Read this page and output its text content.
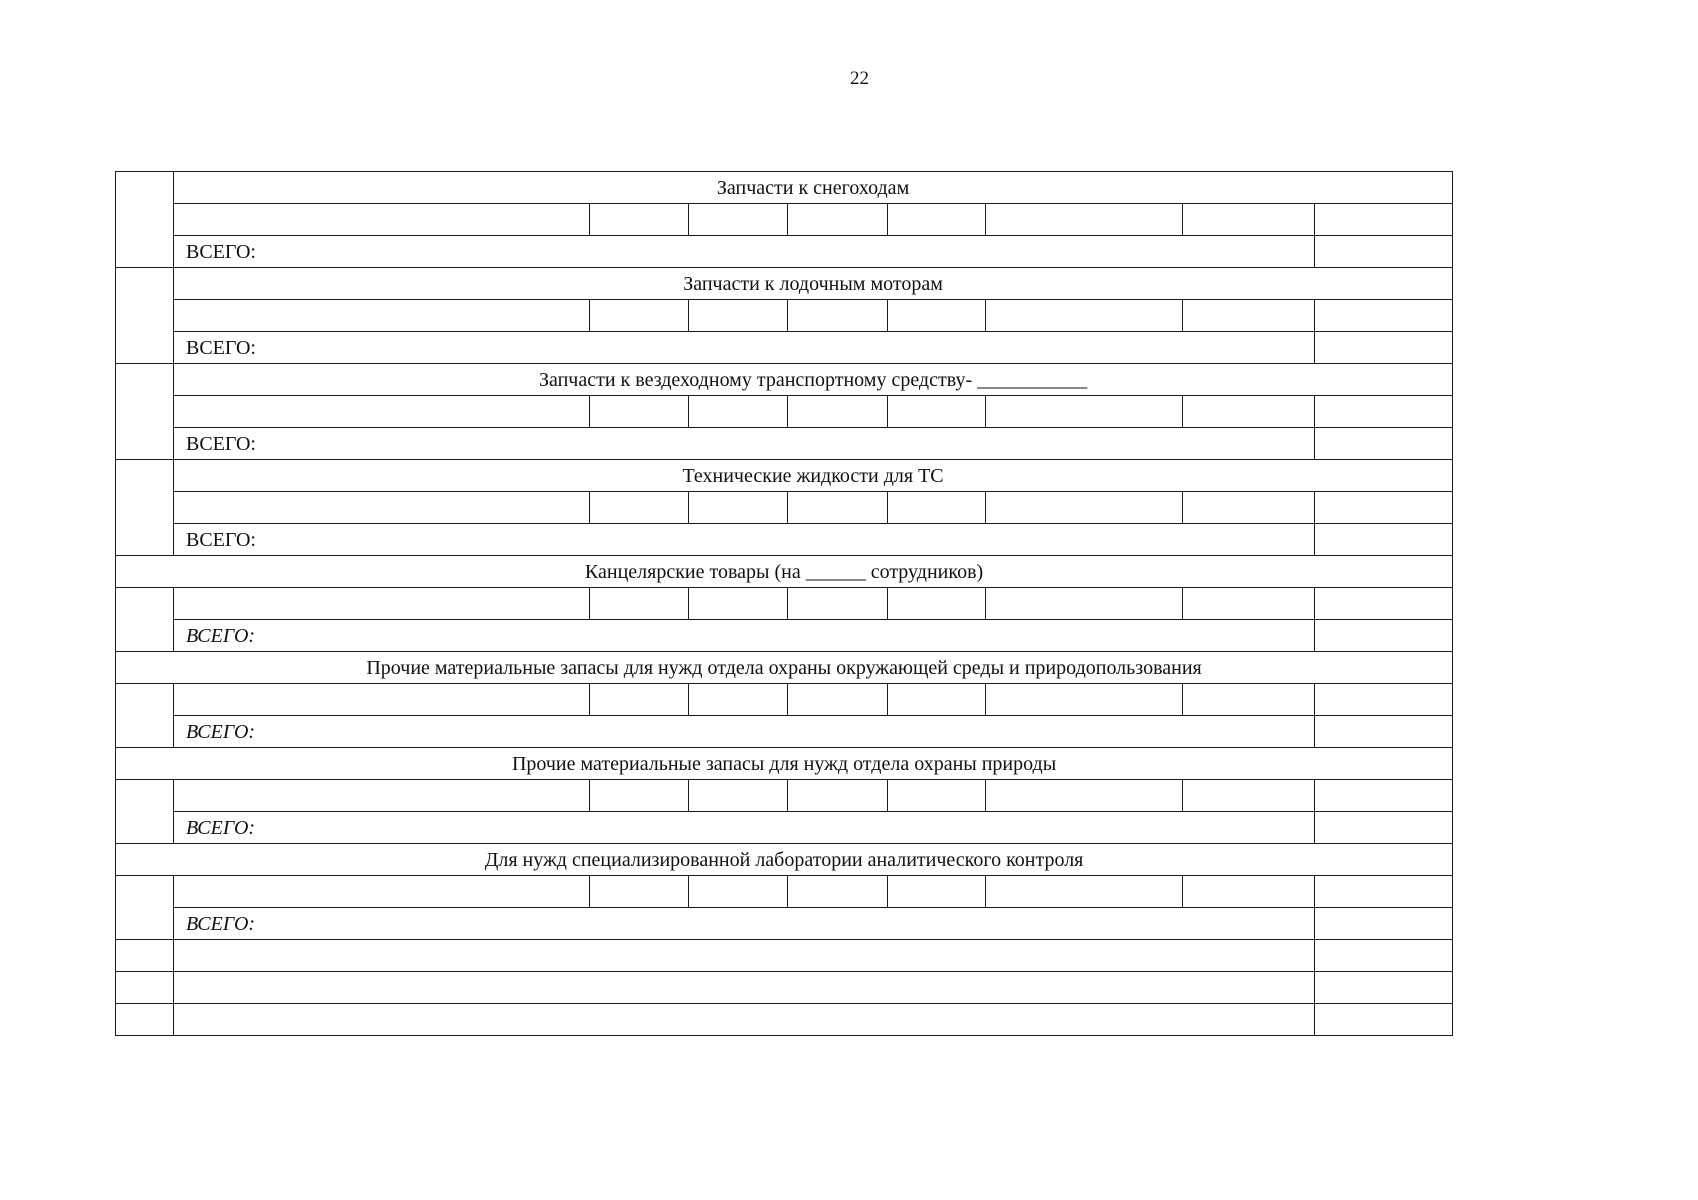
22
	Запчасти к снегоходам							

	ВСЕГО:							
	Запчасти к лодочным моторам							

	ВСЕГО:							
	Запчасти к вездеходному транспортному средству- ___________							

	ВСЕГО:							
	Технические жидкости для ТС							

	ВСЕГО:							
Канцелярские товары (на ______ сотрудников)								

	ВСЕГО:							
Прочие материальные запасы для нужд отдела охраны окружающей среды и природопользования								

	ВСЕГО:							
Прочие материальные запасы для нужд отдела охраны природы								

	ВСЕГО:							
Для нужд специализированной лаборатории аналитического контроля								

	ВСЕГО:							
